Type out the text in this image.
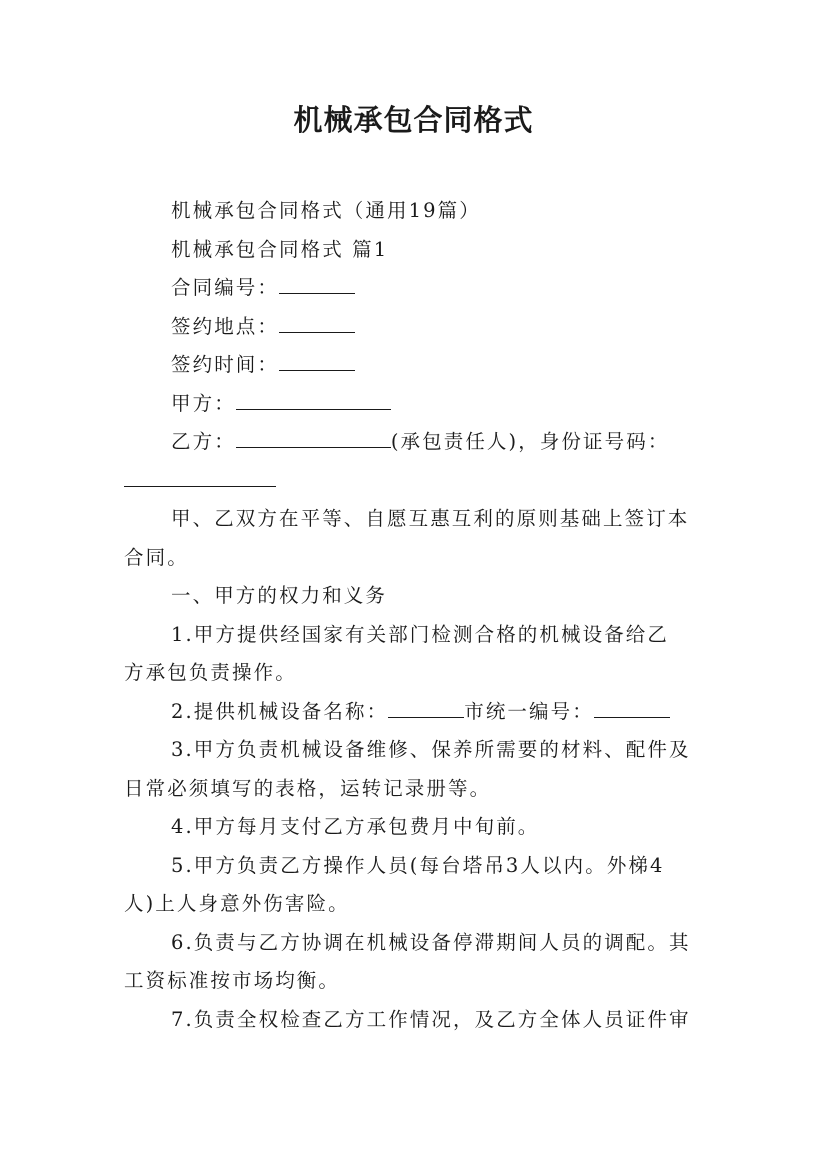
机械承包合同格式
机械承包合同格式（通用19篇）
机械承包合同格式 篇1
合同编号：
签约地点：
签约时间：
甲方：
乙方：	(承包责任人)，身份证号码：
甲、乙双方在平等、自愿互惠互利的原则基础上签订本
合同。
一、甲方的权力和义务
1.甲方提供经国家有关部门检测合格的机械设备给乙
方承包负责操作。
2.提供机械设备名称：	市统一编号：
3.甲方负责机械设备维修、保养所需要的材料、配件及
日常必须填写的表格，运转记录册等。
4.甲方每月支付乙方承包费月中旬前。
5.甲方负责乙方操作人员(每台塔吊3人以内。外梯4
人)上人身意外伤害险。
6.负责与乙方协调在机械设备停滞期间人员的调配。其
工资标准按市场均衡。
7.负责全权检查乙方工作情况，及乙方全体人员证件审
